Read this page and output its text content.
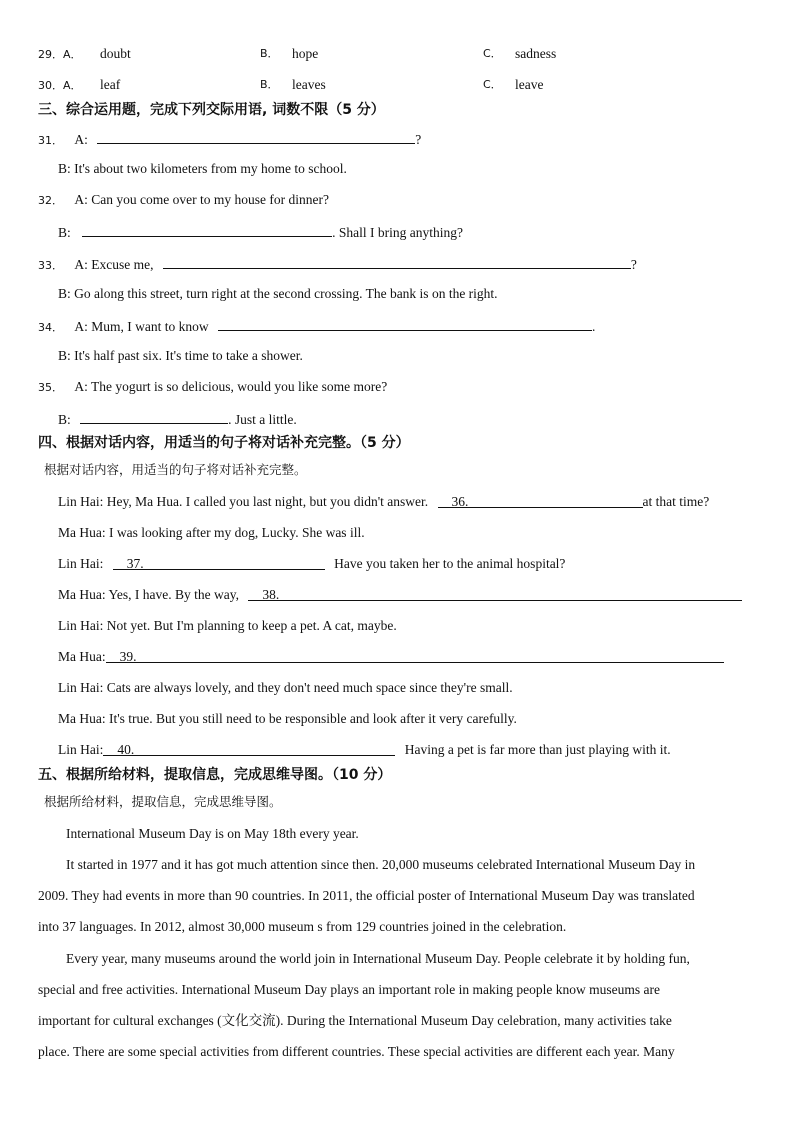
29．A． doubt	B． hope	C． sadness
30．A． leaf	B． leaves	C． leave
三、综合运用题，完成下列交际用语, 词数不限（5 分）
31． A:	?
B: It's about two kilometers from my home to school.
32． A: Can you come over to my house for dinner?
B:	. Shall I bring anything?
33． A: Excuse me,	?
B: Go along this street, turn right at the second crossing. The bank is on the right.
34． A: Mum, I want to know	.
B: It's half past six. It's time to take a shower.
35． A: The yogurt is so delicious, would you like some more?
B:	. Just a little.
四、根据对话内容，用适当的句子将对话补充完整。（5 分）
根据对话内容，用适当的句子将对话补充完整。
Lin Hai: Hey, Ma Hua. I called you last night, but you didn't answer. 36.	at that time?
Ma Hua: I was looking after my dog, Lucky. She was ill.
Lin Hai: 37.	Have you taken her to the animal hospital?
Ma Hua: Yes, I have. By the way, 38.
Lin Hai: Not yet. But I'm planning to keep a pet. A cat, maybe.
Ma Hua: 39.
Lin Hai: Cats are always lovely, and they don't need much space since they're small.
Ma Hua: It's true. But you still need to be responsible and look after it very carefully.
Lin Hai: 40.	Having a pet is far more than just playing with it.
五、根据所给材料，提取信息，完成思维导图。（10 分）
根据所给材料，提取信息，完成思维导图。
International Museum Day is on May 18th every year.
It started in 1977 and it has got much attention since then. 20,000 museums celebrated International Museum Day in
2009. They had events in more than 90 countries. In 2011, the official poster of International Museum Day was translated
into 37 languages. In 2012, almost 30,000 museum s from 129 countries joined in the celebration.
Every year, many museums around the world join in International Museum Day. People celebrate it by holding fun,
special and free activities. International Museum Day plays an important role in making people know museums are
important for cultural exchanges (文化交流). During the International Museum Day celebration, many activities take
place. There are some special activities from different countries. These special activities are different each year. Many
